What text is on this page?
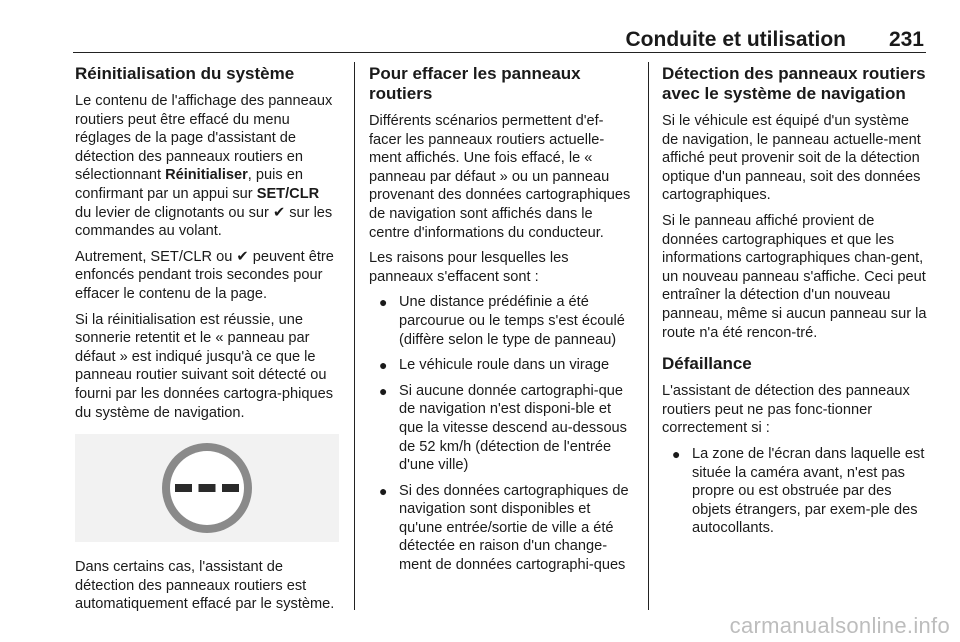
Conduite et utilisation 231
Réinitialisation du système

Le contenu de l'affichage des panneaux routiers peut être effacé du menu réglages de la page d'assistant de détection des panneaux routiers en sélectionnant Réinitialiser, puis en confirmant par un appui sur SET/CLR du levier de clignotants ou sur ✔ sur les commandes au volant.

Autrement, SET/CLR ou ✔ peuvent être enfoncés pendant trois secondes pour effacer le contenu de la page.

Si la réinitialisation est réussie, une sonnerie retentit et le « panneau par défaut » est indiqué jusqu'à ce que le panneau routier suivant soit détecté ou fourni par les données cartogra-phiques du système de navigation.

Dans certains cas, l'assistant de détection des panneaux routiers est automatiquement effacé par le système.

Pour effacer les panneaux routiers

Différents scénarios permettent d'ef-facer les panneaux routiers actuelle-ment affichés. Une fois effacé, le « panneau par défaut » ou un panneau provenant des données cartographiques de navigation sont affichés dans le centre d'informations du conducteur.

Les raisons pour lesquelles les panneaux s'effacent sont :

● Une distance prédéfinie a été parcourue ou le temps s'est écoulé (diffère selon le type de panneau)
● Le véhicule roule dans un virage
● Si aucune donnée cartographi-que de navigation n'est disponi-ble et que la vitesse descend au-dessous de 52 km/h (détection de l'entrée d'une ville)
● Si des données cartographiques de navigation sont disponibles et qu'une entrée/sortie de ville a été détectée en raison d'un change-ment de données cartographi-ques
Détection des panneaux routiers avec le système de navigation

Si le véhicule est équipé d'un système de navigation, le panneau actuelle-ment affiché peut provenir soit de la détection optique d'un panneau, soit des données cartographiques.

Si le panneau affiché provient de données cartographiques et que les informations cartographiques chan-gent, un nouveau panneau s'affiche. Ceci peut entraîner la détection d'un nouveau panneau, même si aucun panneau sur la route n'a été rencon-tré.

Défaillance

L'assistant de détection des panneaux routiers peut ne pas fonc-tionner correctement si :

● La zone de l'écran dans laquelle est située la caméra avant, n'est pas propre ou est obstruée par des objets étrangers, par exem-ple des autocollants.
carmanualsonline.info
